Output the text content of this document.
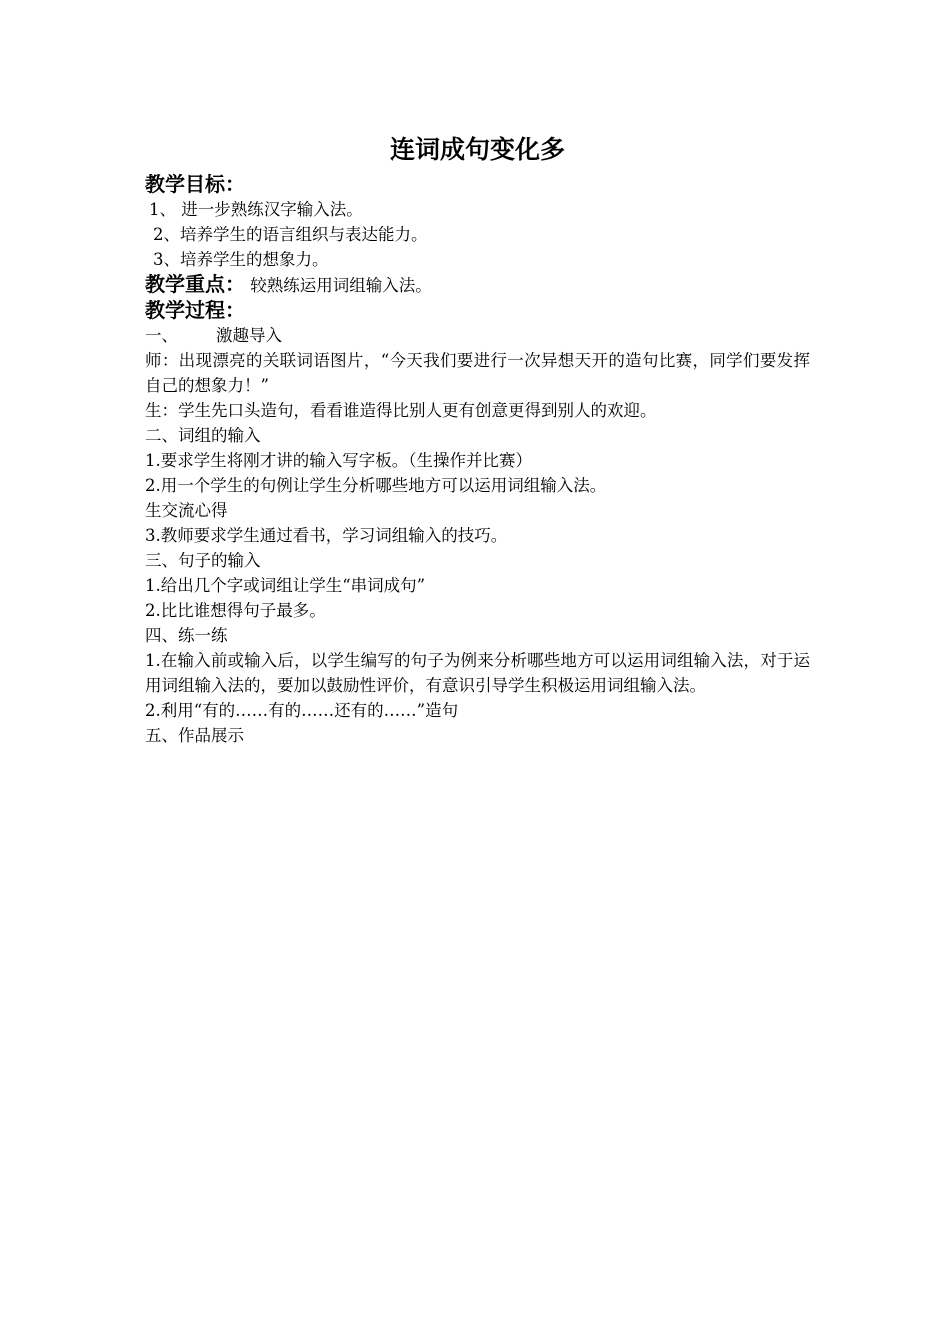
连词成句变化多
教学目标：
1、 进一步熟练汉字输入法。
2、培养学生的语言组织与表达能力。
3、培养学生的想象力。
教学重点： 较熟练运用词组输入法。
教学过程：
一、 激趣导入
师：出现漂亮的关联词语图片，“今天我们要进行一次异想天开的造句比赛，同学们要发挥自己的想象力！”
生：学生先口头造句，看看谁造得比别人更有创意更得到别人的欢迎。
二、词组的输入
1.要求学生将刚才讲的输入写字板。（生操作并比赛）
2.用一个学生的句例让学生分析哪些地方可以运用词组输入法。
生交流心得
3.教师要求学生通过看书，学习词组输入的技巧。
三、句子的输入
1.给出几个字或词组让学生“串词成句”
2.比比谁想得句子最多。
四、练一练
1.在输入前或输入后，以学生编写的句子为例来分析哪些地方可以运用词组输入法，对于运用词组输入法的，要加以鼓励性评价，有意识引导学生积极运用词组输入法。
2.利用“有的……有的……还有的……”造句
五、作品展示
